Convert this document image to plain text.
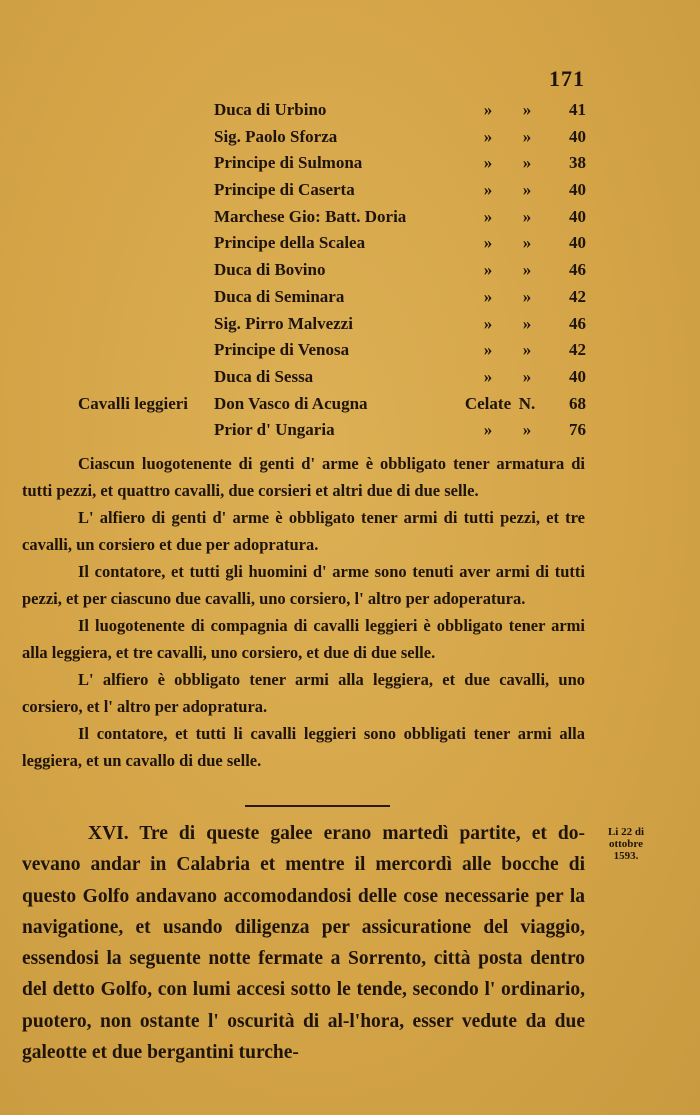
171
Duca di Urbino	»	»	41
Sig. Paolo Sforza	»	»	40
Principe di Sulmona	»	»	38
Principe di Caserta	»	»	40
Marchese Gio: Batt. Doria	»	»	40
Principe della Scalea	»	»	40
Duca di Bovino	»	»	46
Duca di Seminara	»	»	42
Sig. Pirro Malvezzi	»	»	46
Principe di Venosa	»	»	42
Duca di Sessa	»	»	40
Cavalli leggieri Don Vasco di Acugna	Celate N.	68
Prior d' Ungaria	»	»	76

Ciascun luogotenente di genti d' arme è obbligato tener armatura di tutti pezzi, et quattro cavalli, due corsieri et altri due di due selle.

L' alfiero di genti d' arme è obbligato tener armi di tutti pezzi, et tre cavalli, un corsiero et due per adopratura.

Il contatore, et tutti gli huomini d' arme sono tenuti aver armi di tutti pezzi, et per ciascuno due cavalli, uno corsiero, l' altro per adoperatura.

Il luogotenente di compagnia di cavalli leggieri è obbligato tener armi alla leggiera, et tre cavalli, uno corsiero, et due di due selle.

L' alfiero è obbligato tener armi alla leggiera, et due cavalli, uno corsiero, et l' altro per adopratura.

Il contatore, et tutti li cavalli leggieri sono obbligati tener armi alla leggiera, et un cavallo di due selle.

XVI. Tre di queste galee erano martedì partite, et do-vevano andar in Calabria et mentre il mercordì alle bocche di questo Golfo andavano accomodandosi delle cose necessarie per la navigatione, et usando diligenza per assicuratione del viaggio, essendosi la seguente notte fermate a Sorrento, città posta dentro del detto Golfo, con lumi accesi sotto le tende, secondo l' ordinario, puotero, non ostante l' oscurità di al-l'hora, esser vedute da due galeotte et due bergantini turche-

Li 22 di
ottobre
1593.
